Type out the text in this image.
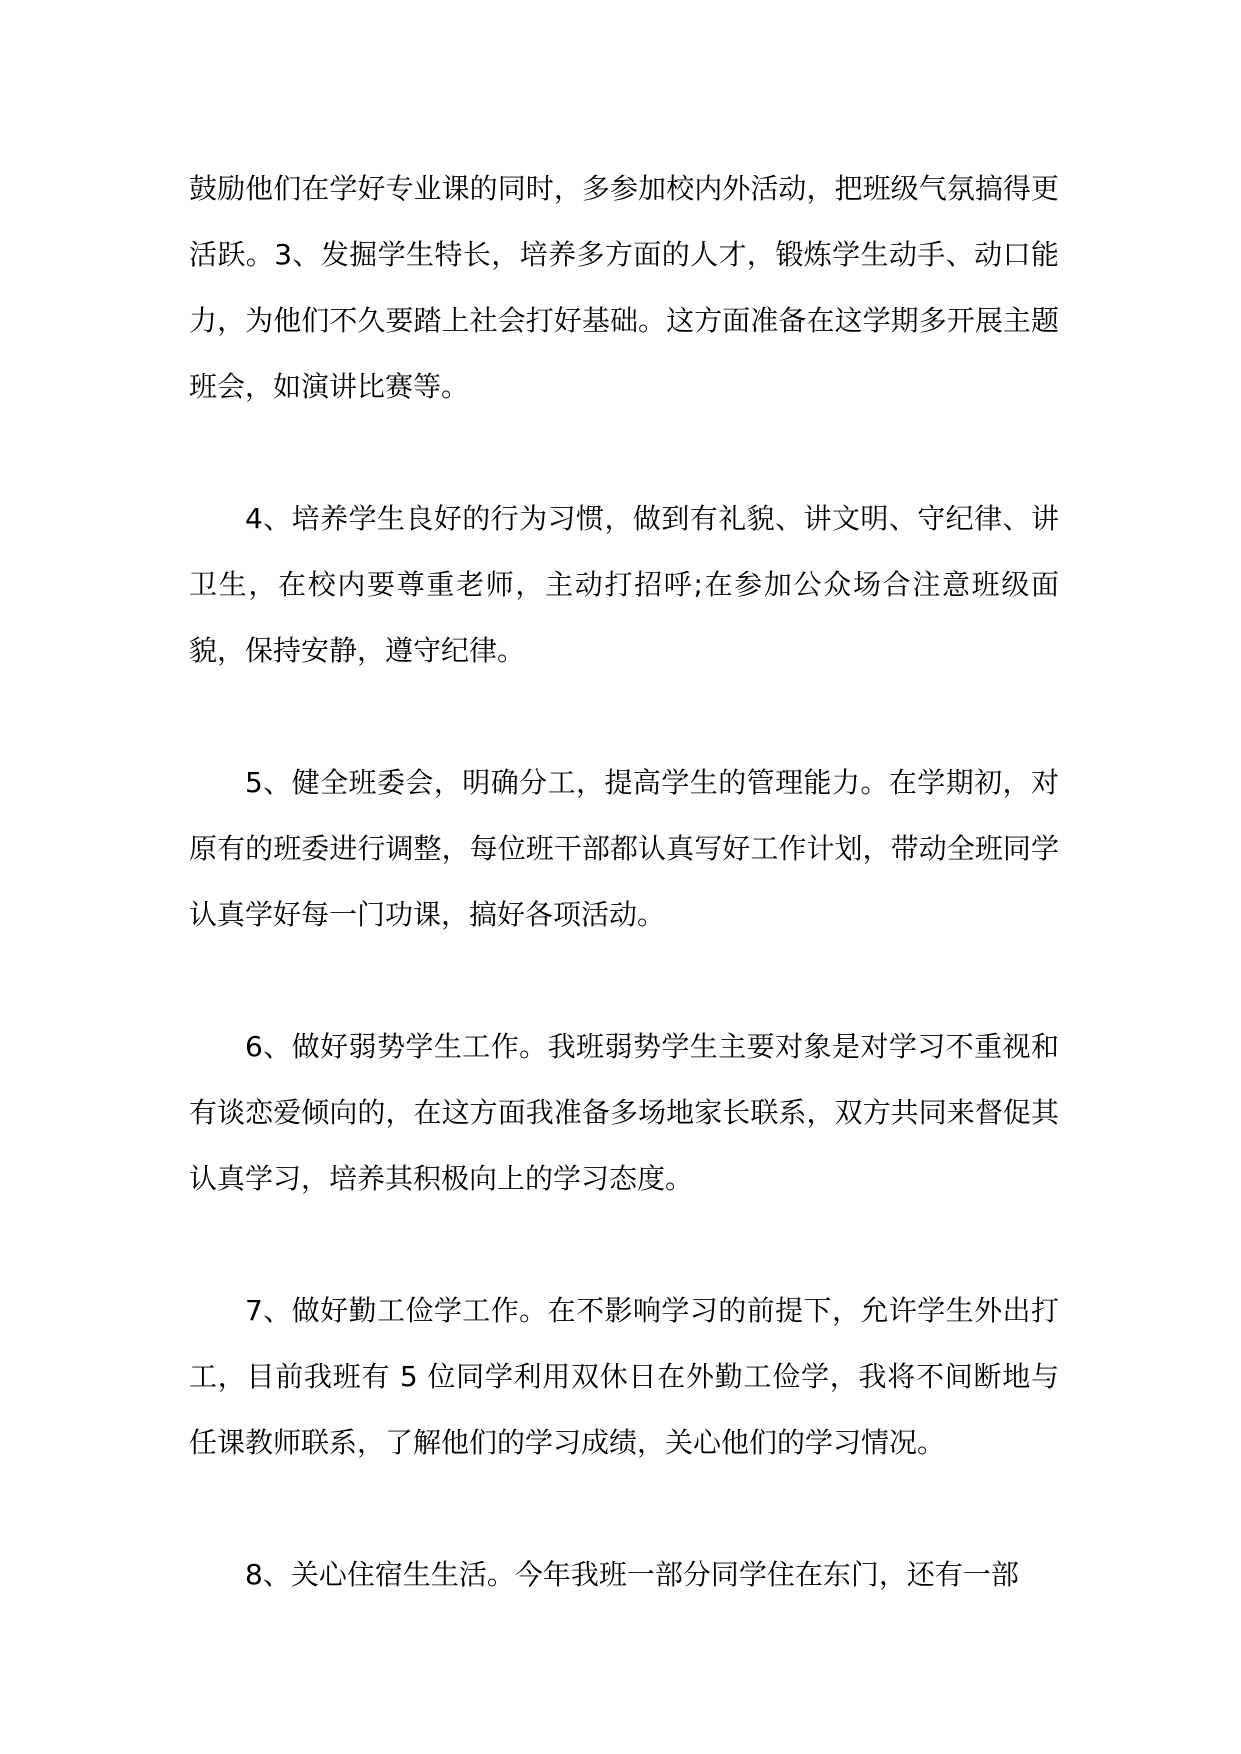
鼓励他们在学好专业课的同时，多参加校内外活动，把班级气氛搞得更活跃。3、发掘学生特长，培养多方面的人才，锻炼学生动手、动口能力，为他们不久要踏上社会打好基础。这方面准备在这学期多开展主题班会，如演讲比赛等。

4、培养学生良好的行为习惯，做到有礼貌、讲文明、守纪律、讲卫生，在校内要尊重老师，主动打招呼;在参加公众场合注意班级面貌，保持安静，遵守纪律。

5、健全班委会，明确分工，提高学生的管理能力。在学期初，对原有的班委进行调整，每位班干部都认真写好工作计划，带动全班同学认真学好每一门功课，搞好各项活动。

6、做好弱势学生工作。我班弱势学生主要对象是对学习不重视和有谈恋爱倾向的，在这方面我准备多场地家长联系，双方共同来督促其认真学习，培养其积极向上的学习态度。

7、做好勤工俭学工作。在不影响学习的前提下，允许学生外出打工，目前我班有 5 位同学利用双休日在外勤工俭学，我将不间断地与任课教师联系，了解他们的学习成绩，关心他们的学习情况。

8、关心住宿生生活。今年我班一部分同学住在东门，还有一部
